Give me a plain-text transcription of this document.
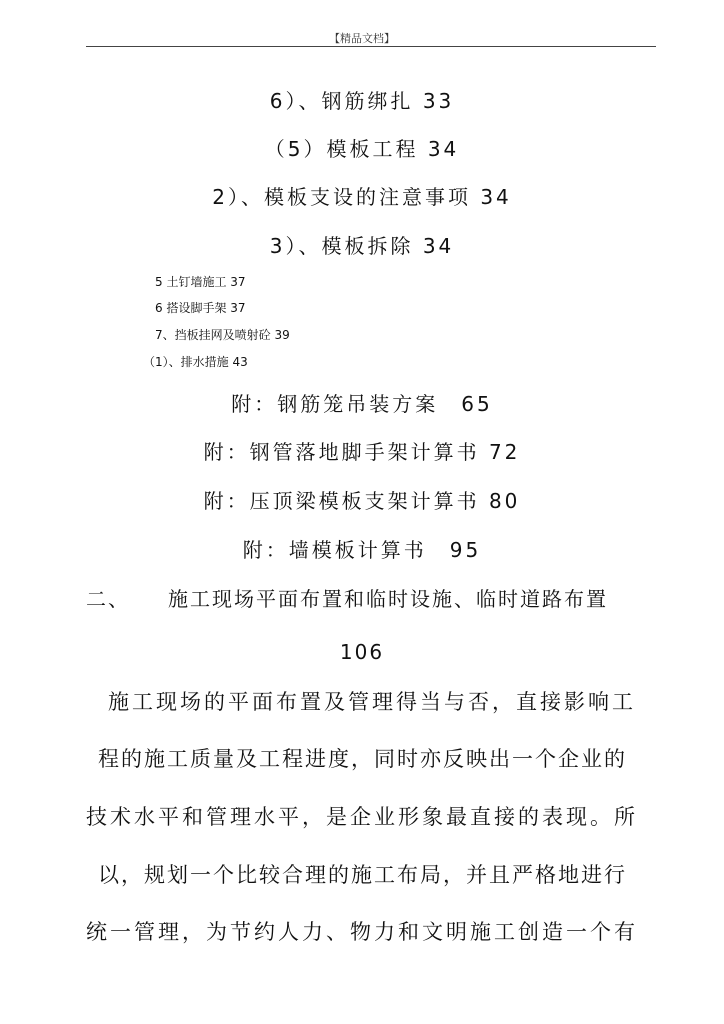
【精品文档】
6）、钢筋绑扎 33
（5）模板工程 34
2）、模板支设的注意事项 34
3）、模板拆除 34
5 土钉墙施工 37
6 搭设脚手架 37
7、挡板挂网及喷射砼 39
（1）、排水措施 43
附：钢筋笼吊装方案　65
附：钢管落地脚手架计算书 72
附：压顶梁模板支架计算书 80
附：墙模板计算书　95
二、 施工现场平面布置和临时设施、临时道路布置
106
施工现场的平面布置及管理得当与否，直接影响工
程的施工质量及工程进度，同时亦反映出一个企业的
技术水平和管理水平，是企业形象最直接的表现。所
以，规划一个比较合理的施工布局，并且严格地进行
统一管理，为节约人力、物力和文明施工创造一个有
